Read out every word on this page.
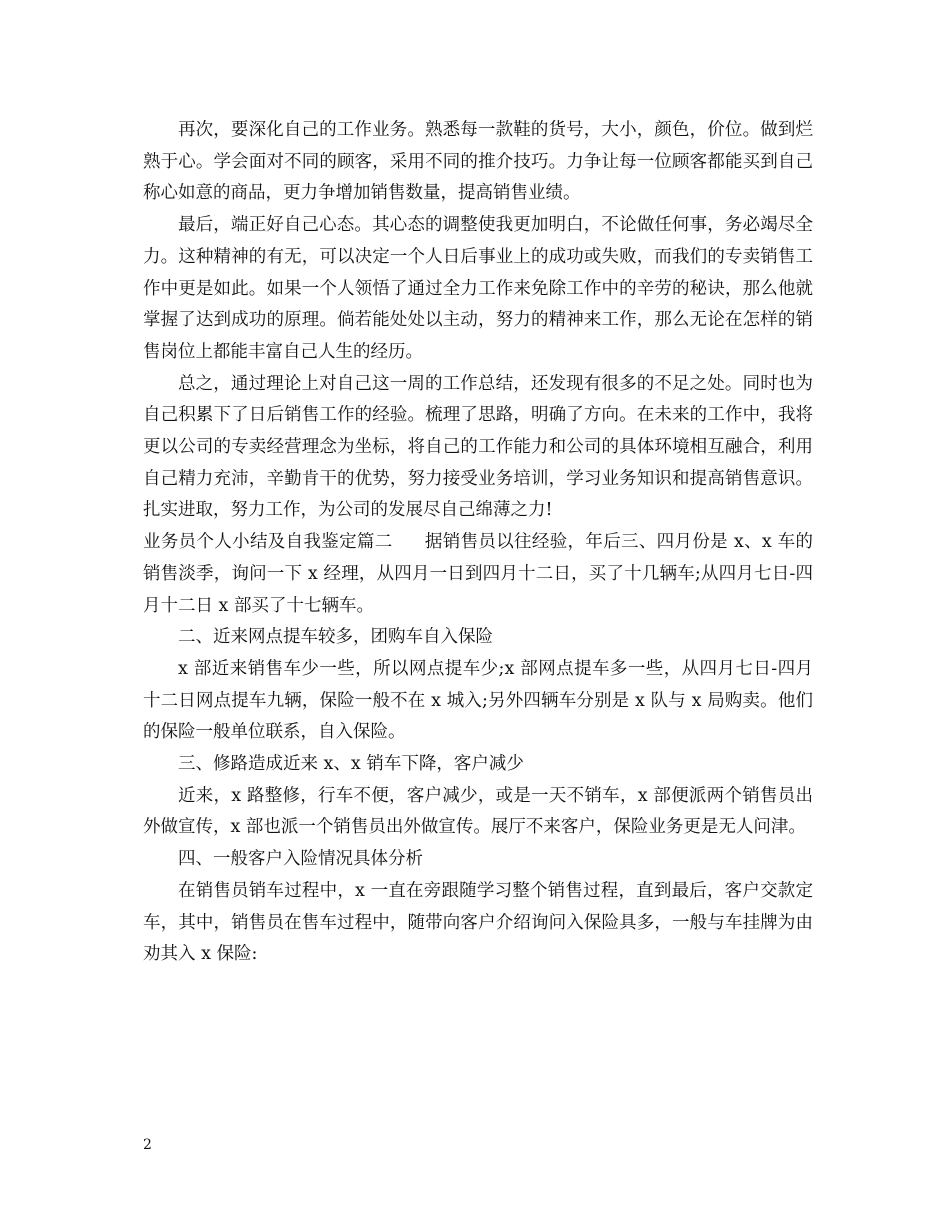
再次，要深化自己的工作业务。熟悉每一款鞋的货号，大小，颜色，价位。做到烂熟于心。学会面对不同的顾客，采用不同的推介技巧。力争让每一位顾客都能买到自己称心如意的商品，更力争增加销售数量，提高销售业绩。

最后，端正好自己心态。其心态的调整使我更加明白，不论做任何事，务必竭尽全力。这种精神的有无，可以决定一个人日后事业上的成功或失败，而我们的专卖销售工作中更是如此。如果一个人领悟了通过全力工作来免除工作中的辛劳的秘诀，那么他就掌握了达到成功的原理。倘若能处处以主动，努力的精神来工作，那么无论在怎样的销售岗位上都能丰富自己人生的经历。

总之，通过理论上对自己这一周的工作总结，还发现有很多的不足之处。同时也为自己积累下了日后销售工作的经验。梳理了思路，明确了方向。在未来的工作中，我将更以公司的专卖经营理念为坐标，将自己的工作能力和公司的具体环境相互融合，利用自己精力充沛，辛勤肯干的优势，努力接受业务培训，学习业务知识和提高销售意识。扎实进取，努力工作，为公司的发展尽自己绵薄之力!

业务员个人小结及自我鉴定篇二 据销售员以往经验，年后三、四月份是 x、x 车的销售淡季，询问一下 x 经理，从四月一日到四月十二日，买了十几辆车;从四月七日-四月十二日 x 部买了十七辆车。

二、近来网点提车较多，团购车自入保险

x 部近来销售车少一些，所以网点提车少;x 部网点提车多一些，从四月七日-四月十二日网点提车九辆，保险一般不在 x 城入;另外四辆车分别是 x 队与 x 局购卖。他们的保险一般单位联系，自入保险。

三、修路造成近来 x、x 销车下降，客户减少

近来，x 路整修，行车不便，客户减少，或是一天不销车，x 部便派两个销售员出外做宣传，x 部也派一个销售员出外做宣传。展厅不来客户，保险业务更是无人问津。

四、一般客户入险情况具体分析

在销售员销车过程中，x 一直在旁跟随学习整个销售过程，直到最后，客户交款定车，其中，销售员在售车过程中，随带向客户介绍询问入保险具多，一般与车挂牌为由劝其入 x 保险:

2
